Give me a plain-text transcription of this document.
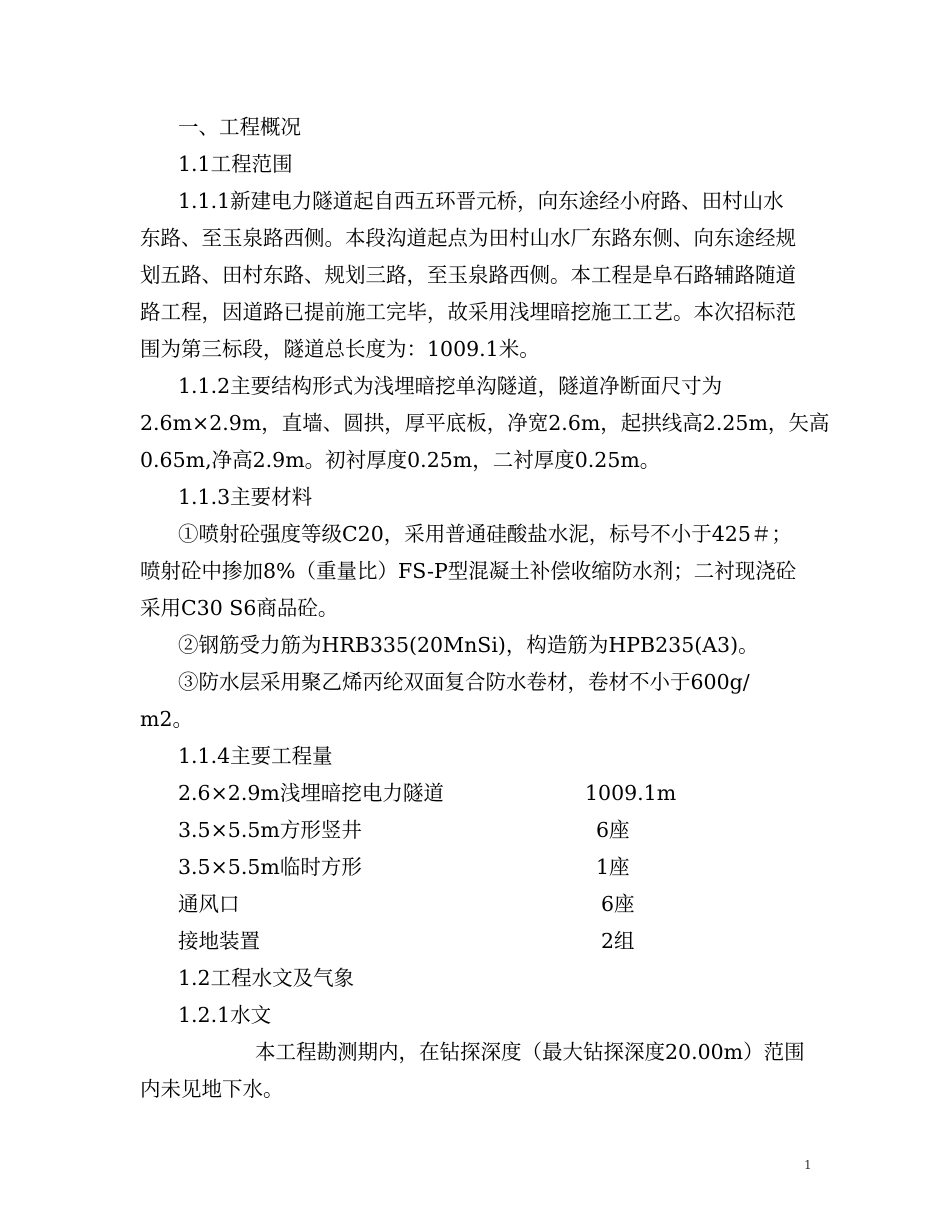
一、工程概况
1.1工程范围
1.1.1新建电力隧道起自西五环晋元桥，向东途经小府路、田村山水
东路、至玉泉路西侧。本段沟道起点为田村山水厂东路东侧、向东途经规
划五路、田村东路、规划三路，至玉泉路西侧。本工程是阜石路辅路随道
路工程，因道路已提前施工完毕，故采用浅埋暗挖施工工艺。本次招标范
围为第三标段，隧道总长度为：1009.1米。
1.1.2主要结构形式为浅埋暗挖单沟隧道，隧道净断面尺寸为
2.6m×2.9m，直墙、圆拱，厚平底板，净宽2.6m，起拱线高2.25m，矢高
0.65m,净高2.9m。初衬厚度0.25m，二衬厚度0.25m。
1.1.3主要材料
①喷射砼强度等级C20，采用普通硅酸盐水泥，标号不小于425＃；
喷射砼中掺加8%（重量比）FS-P型混凝土补偿收缩防水剂；二衬现浇砼
采用C30 S6商品砼。
②钢筋受力筋为HRB335(20MnSi)，构造筋为HPB235(A3)。
③防水层采用聚乙烯丙纶双面复合防水卷材，卷材不小于600g/
m2。
1.1.4主要工程量
2.6×2.9m浅埋暗挖电力隧道	1009.1m
3.5×5.5m方形竖井	6座
3.5×5.5m临时方形	1座
通风口	6座
接地装置	2组
1.2工程水文及气象
1.2.1水文
本工程勘测期内，在钻探深度（最大钻探深度20.00m）范围
内未见地下水。
1
